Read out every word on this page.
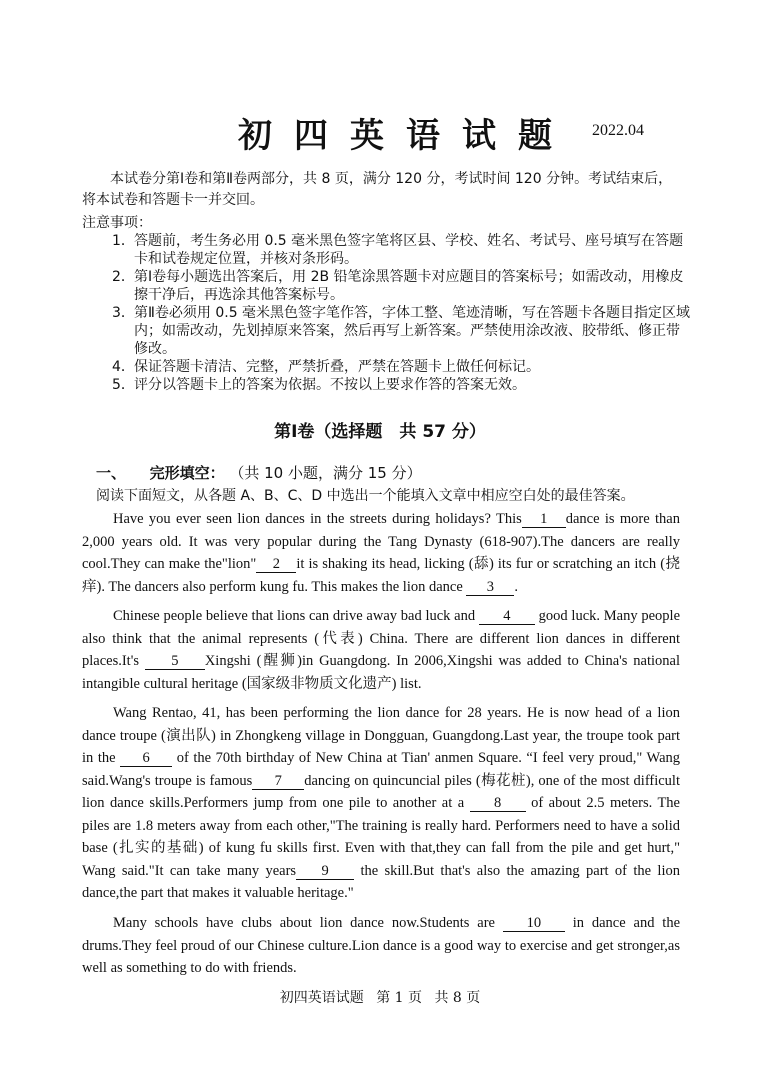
初四英语试题 2022.04
本试卷分第Ⅰ卷和第Ⅱ卷两部分，共 8 页，满分 120 分，考试时间 120 分钟。考试结束后，
将本试卷和答题卡一并交回。
注意事项：
1． 答题前，考生务必用 0.5 毫米黑色签字笔将区县、学校、姓名、考试号、座号填写在答题卡和试卷规定位置，并核对条形码。
2． 第Ⅰ卷每小题选出答案后，用 2B 铅笔涂黑答题卡对应题目的答案标号；如需改动，用橡皮擦干净后，再选涂其他答案标号。
3． 第Ⅱ卷必须用 0.5 毫米黑色签字笔作答，字体工整、笔迹清晰，写在答题卡各题目指定区域内；如需改动，先划掉原来答案，然后再写上新答案。严禁使用涂改液、胶带纸、修正带修改。
4． 保证答题卡清洁、完整，严禁折叠，严禁在答题卡上做任何标记。
5． 评分以答题卡上的答案为依据。不按以上要求作答的答案无效。
第Ⅰ卷（选择题　共 57 分）
一、 完形填空： （共 10 小题，满分 15 分）
阅读下面短文，从各题 A、B、C、D 中选出一个能填入文章中相应空白处的最佳答案。
Have you ever seen lion dances in the streets during holidays? This 1 dance is more than 2,000 years old. It was very popular during the Tang Dynasty (618-907).The dancers are really cool.They can make the"lion" 2 it is shaking its head, licking (舔) its fur or scratching an itch (挠痒). The dancers also perform kung fu. This makes the lion dance 3 .
Chinese people believe that lions can drive away bad luck and 4 good luck. Many people also think that the animal represents (代表) China. There are different lion dances in different places.It's 5 Xingshi (醒狮)in Guangdong. In 2006,Xingshi was added to China's national intangible cultural heritage (国家级非物质文化遗产) list.
Wang Rentao, 41, has been performing the lion dance for 28 years. He is now head of a lion dance troupe (演出队) in Zhongkeng village in Dongguan, Guangdong.Last year, the troupe took part in the 6 of the 70th birthday of New China at Tian' anmen Square. “I feel very proud," Wang said.Wang's troupe is famous 7 dancing on quincuncial piles (梅花桩), one of the most difficult lion dance skills.Performers jump from one pile to another at a 8 of about 2.5 meters. The piles are 1.8 meters away from each other,"The training is really hard. Performers need to have a solid base (扎实的基础) of kung fu skills first. Even with that,they can fall from the pile and get hurt," Wang said."It can take many years 9 the skill.But that's also the amazing part of the lion dance,the part that makes it valuable heritage."
Many schools have clubs about lion dance now.Students are 10 in dance and the drums.They feel proud of our Chinese culture.Lion dance is a good way to exercise and get stronger,as well as something to do with friends.
初四英语试题 第 1 页 共 8 页
